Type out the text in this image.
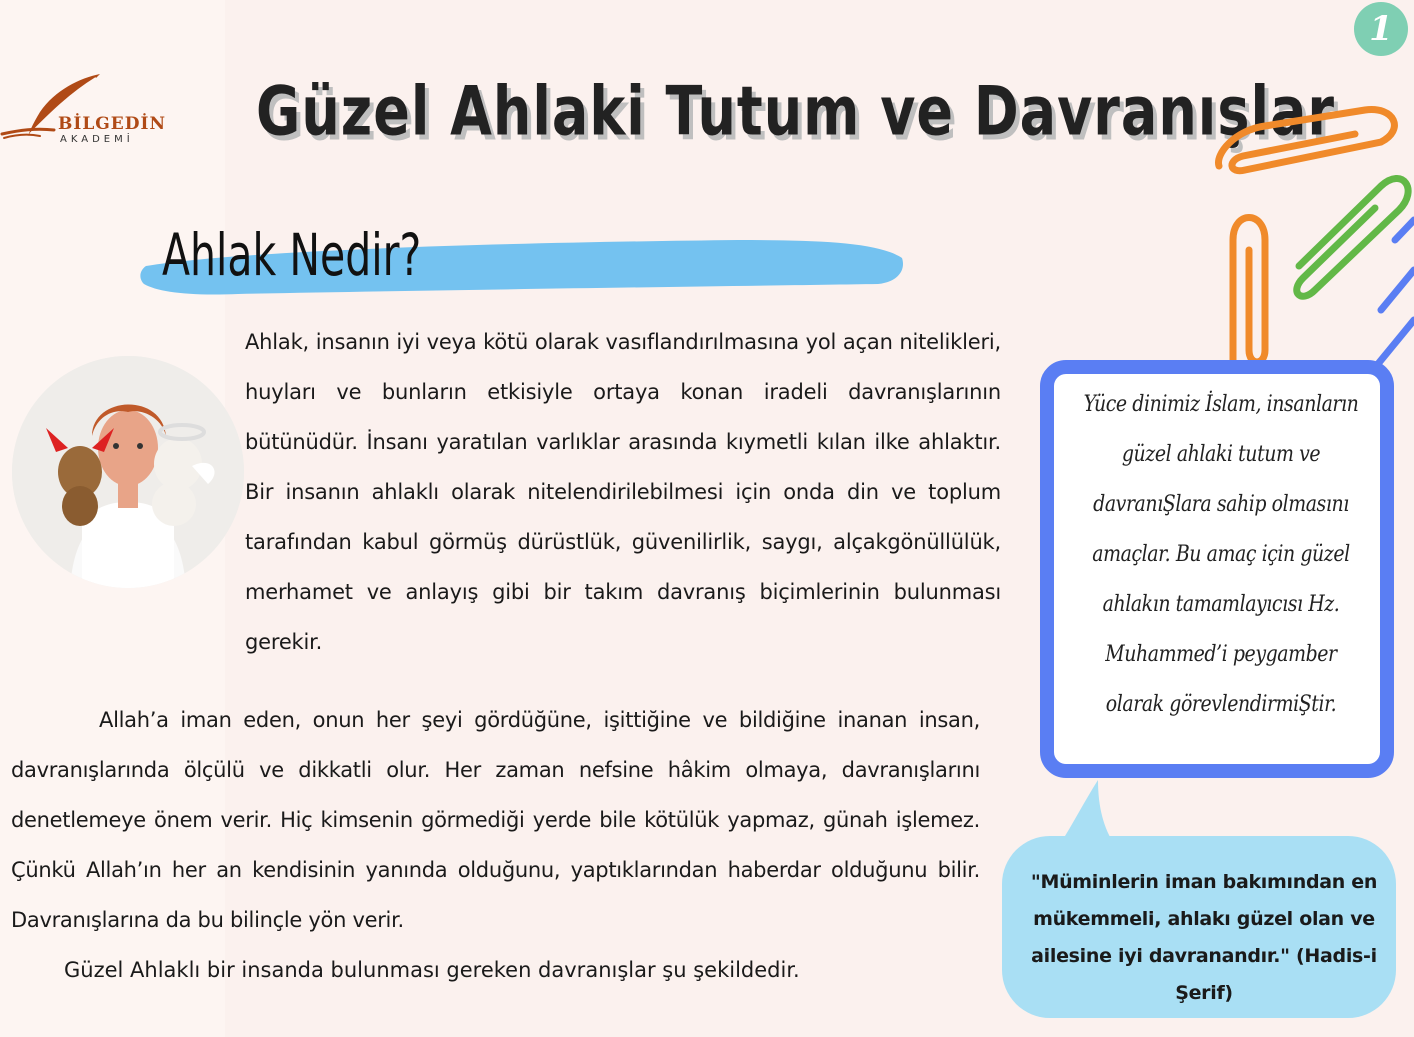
1
BİLGEDİN
AKADEMİ Güzel Ahlaki Tutum ve Davranışlar
Ahlak Nedir?

Ahlak, insanın iyi veya kötü olarak vasıflandırılmasına yol açan nitelikleri, huyları ve bunların etkisiyle ortaya konan iradeli davranışlarının bütünüdür. İnsanı yaratılan varlıklar arasında kıymetli kılan ilke ahlaktır. Bir insanın ahlaklı olarak nitelendirilebilmesi için onda din ve toplum tarafından kabul görmüş dürüstlük, güvenilirlik, saygı, alçakgönüllülük, merhamet ve anlayış gibi bir takım davranış biçimlerinin bulunması gerekir.

Allah’a iman eden, onun her şeyi gördüğüne, işittiğine ve bildiğine inanan insan, davranışlarında ölçülü ve dikkatli olur. Her zaman nefsine hâkim olmaya, davranışlarını denetlemeye önem verir. Hiç kimsenin görmediği yerde bile kötülük yapmaz, günah işlemez. Çünkü Allah’ın her an kendisinin yanında olduğunu, yaptıklarından haberdar olduğunu bilir. Davranışlarına da bu bilinçle yön verir.

Güzel Ahlaklı bir insanda bulunması gereken davranışlar şu şekildedir.

Yüce dinimiz İslam, insanların güzel ahlaki tutum ve davranıŞlara sahip olmasını amaçlar. Bu amaç için güzel ahlakın tamamlayıcısı Hz. Muhammed’i peygamber olarak görevlendirmiŞtir.

"Müminlerin iman bakımından en mükemmeli, ahlakı güzel olan ve ailesine iyi davranandır." (Hadis-i Şerif)
